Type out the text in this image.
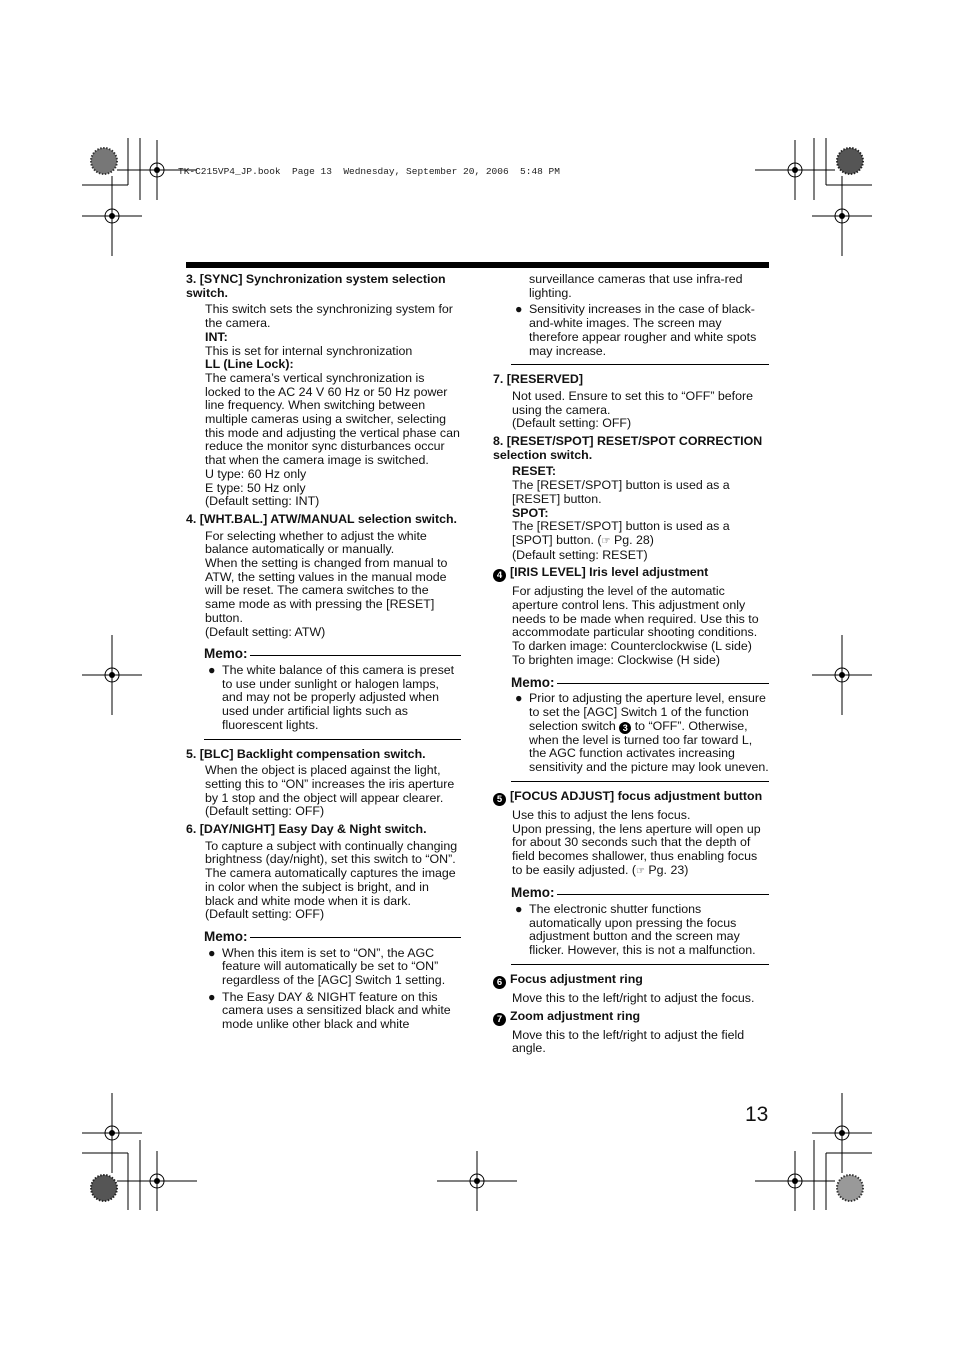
TK-C215VP4_JP.book  Page 13  Wednesday, September 20, 2006  5:48 PM
3. [SYNC] Synchronization system selection switch.

This switch sets the synchronizing system for the camera.

INT:

This is set for internal synchronization

LL (Line Lock):

The camera’s vertical synchronization is locked to the AC 24 V 60 Hz or 50 Hz power line frequency. When switching between multiple cameras using a switcher, selecting this mode and adjusting the vertical phase can reduce the monitor sync disturbances occur that when the camera image is switched.

U type: 60 Hz only

E type: 50 Hz only

(Default setting: INT)

4. [WHT.BAL.] ATW/MANUAL selection switch.

For selecting whether to adjust the white balance automatically or manually.

When the setting is changed from manual to ATW, the setting values in the manual mode will be reset. The camera switches to the same mode as with pressing the [RESET] button.

(Default setting: ATW)

Memo:
● The white balance of this camera is preset to use under sunlight or halogen lamps, and may not be properly adjusted when used under artificial lights such as fluorescent lights.
5. [BLC] Backlight compensation switch.

When the object is placed against the light, setting this to “ON” increases the iris aperture by 1 stop and the object will appear clearer.

(Default setting: OFF)

6. [DAY/NIGHT] Easy Day & Night switch.

To capture a subject with continually changing brightness (day/night), set this switch to “ON”.

The camera automatically captures the image in color when the subject is bright, and in black and white mode when it is dark.

(Default setting: OFF)

Memo:
● When this item is set to “ON”, the AGC feature will automatically be set to “ON” regardless of the [AGC] Switch 1 setting.
● The Easy DAY & NIGHT feature on this camera uses a sensitized black and white mode unlike other black and white
surveillance cameras that use infra-red lighting.
● Sensitivity increases in the case of black-and-white images. The screen may therefore appear rougher and white spots may increase.
7. [RESERVED]

Not used. Ensure to set this to “OFF” before using the camera.

(Default setting: OFF)

8. [RESET/SPOT] RESET/SPOT CORRECTION selection switch.

RESET:

The [RESET/SPOT] button is used as a [RESET] button.

SPOT:

The [RESET/SPOT] button is used as a [SPOT] button. (☞ Pg. 28)

(Default setting: RESET)

4 [IRIS LEVEL] Iris level adjustment

For adjusting the level of the automatic aperture control lens. This adjustment only needs to be made when required. Use this to accommodate particular shooting conditions.

To darken image: Counterclockwise (L side)

To brighten image: Clockwise (H side)

Memo:
● Prior to adjusting the aperture level, ensure to set the [AGC] Switch 1 of the function selection switch 3 to “OFF”. Otherwise, when the level is turned too far toward L, the AGC function activates increasing sensitivity and the picture may look uneven.
5 [FOCUS ADJUST] focus adjustment button

Use this to adjust the lens focus.

Upon pressing, the lens aperture will open up for about 30 seconds such that the depth of field becomes shallower, thus enabling focus to be easily adjusted. (☞ Pg. 23)

Memo:
● The electronic shutter functions automatically upon pressing the focus adjustment button and the screen may flicker. However, this is not a malfunction.
6 Focus adjustment ring

Move this to the left/right to adjust the focus.

7 Zoom adjustment ring

Move this to the left/right to adjust the field angle.

13
